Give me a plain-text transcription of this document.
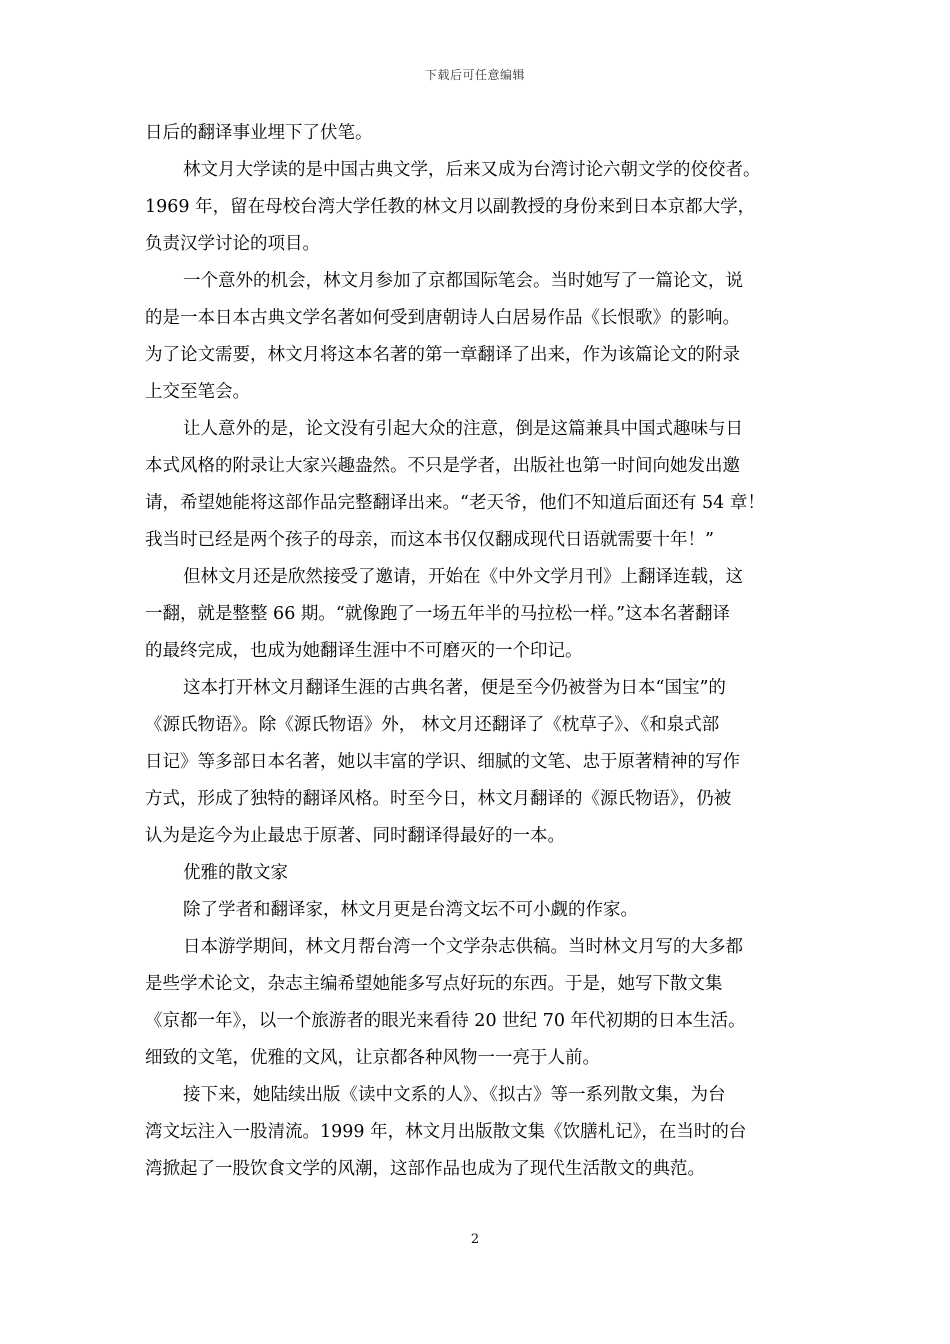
下载后可任意编辑
日后的翻译事业埋下了伏笔。
林文月大学读的是中国古典文学，后来又成为台湾讨论六朝文学的佼佼者。
1969 年，留在母校台湾大学任教的林文月以副教授的身份来到日本京都大学，
负责汉学讨论的项目。
一个意外的机会，林文月参加了京都国际笔会。当时她写了一篇论文，说
的是一本日本古典文学名著如何受到唐朝诗人白居易作品《长恨歌》的影响。
为了论文需要，林文月将这本名著的第一章翻译了出来，作为该篇论文的附录
上交至笔会。
让人意外的是，论文没有引起大众的注意，倒是这篇兼具中国式趣味与日
本式风格的附录让大家兴趣盎然。不只是学者，出版社也第一时间向她发出邀
请，希望她能将这部作品完整翻译出来。“老天爷，他们不知道后面还有 54 章！
我当时已经是两个孩子的母亲，而这本书仅仅翻成现代日语就需要十年！”
但林文月还是欣然接受了邀请，开始在《中外文学月刊》上翻译连载，这
一翻，就是整整 66 期。“就像跑了一场五年半的马拉松一样。”这本名著翻译
的最终完成，也成为她翻译生涯中不可磨灭的一个印记。
这本打开林文月翻译生涯的古典名著，便是至今仍被誉为日本“国宝”的
《源氏物语》。除《源氏物语》外， 林文月还翻译了《枕草子》、《和泉式部
日记》等多部日本名著，她以丰富的学识、细腻的文笔、忠于原著精神的写作
方式，形成了独特的翻译风格。时至今日，林文月翻译的《源氏物语》，仍被
认为是迄今为止最忠于原著、同时翻译得最好的一本。
优雅的散文家
除了学者和翻译家，林文月更是台湾文坛不可小觑的作家。
日本游学期间，林文月帮台湾一个文学杂志供稿。当时林文月写的大多都
是些学术论文，杂志主编希望她能多写点好玩的东西。于是，她写下散文集
《京都一年》，以一个旅游者的眼光来看待 20 世纪 70 年代初期的日本生活。
细致的文笔，优雅的文风，让京都各种风物一一亮于人前。
接下来，她陆续出版《读中文系的人》、《拟古》等一系列散文集，为台
湾文坛注入一股清流。1999 年，林文月出版散文集《饮膳札记》，在当时的台
湾掀起了一股饮食文学的风潮，这部作品也成为了现代生活散文的典范。
2
